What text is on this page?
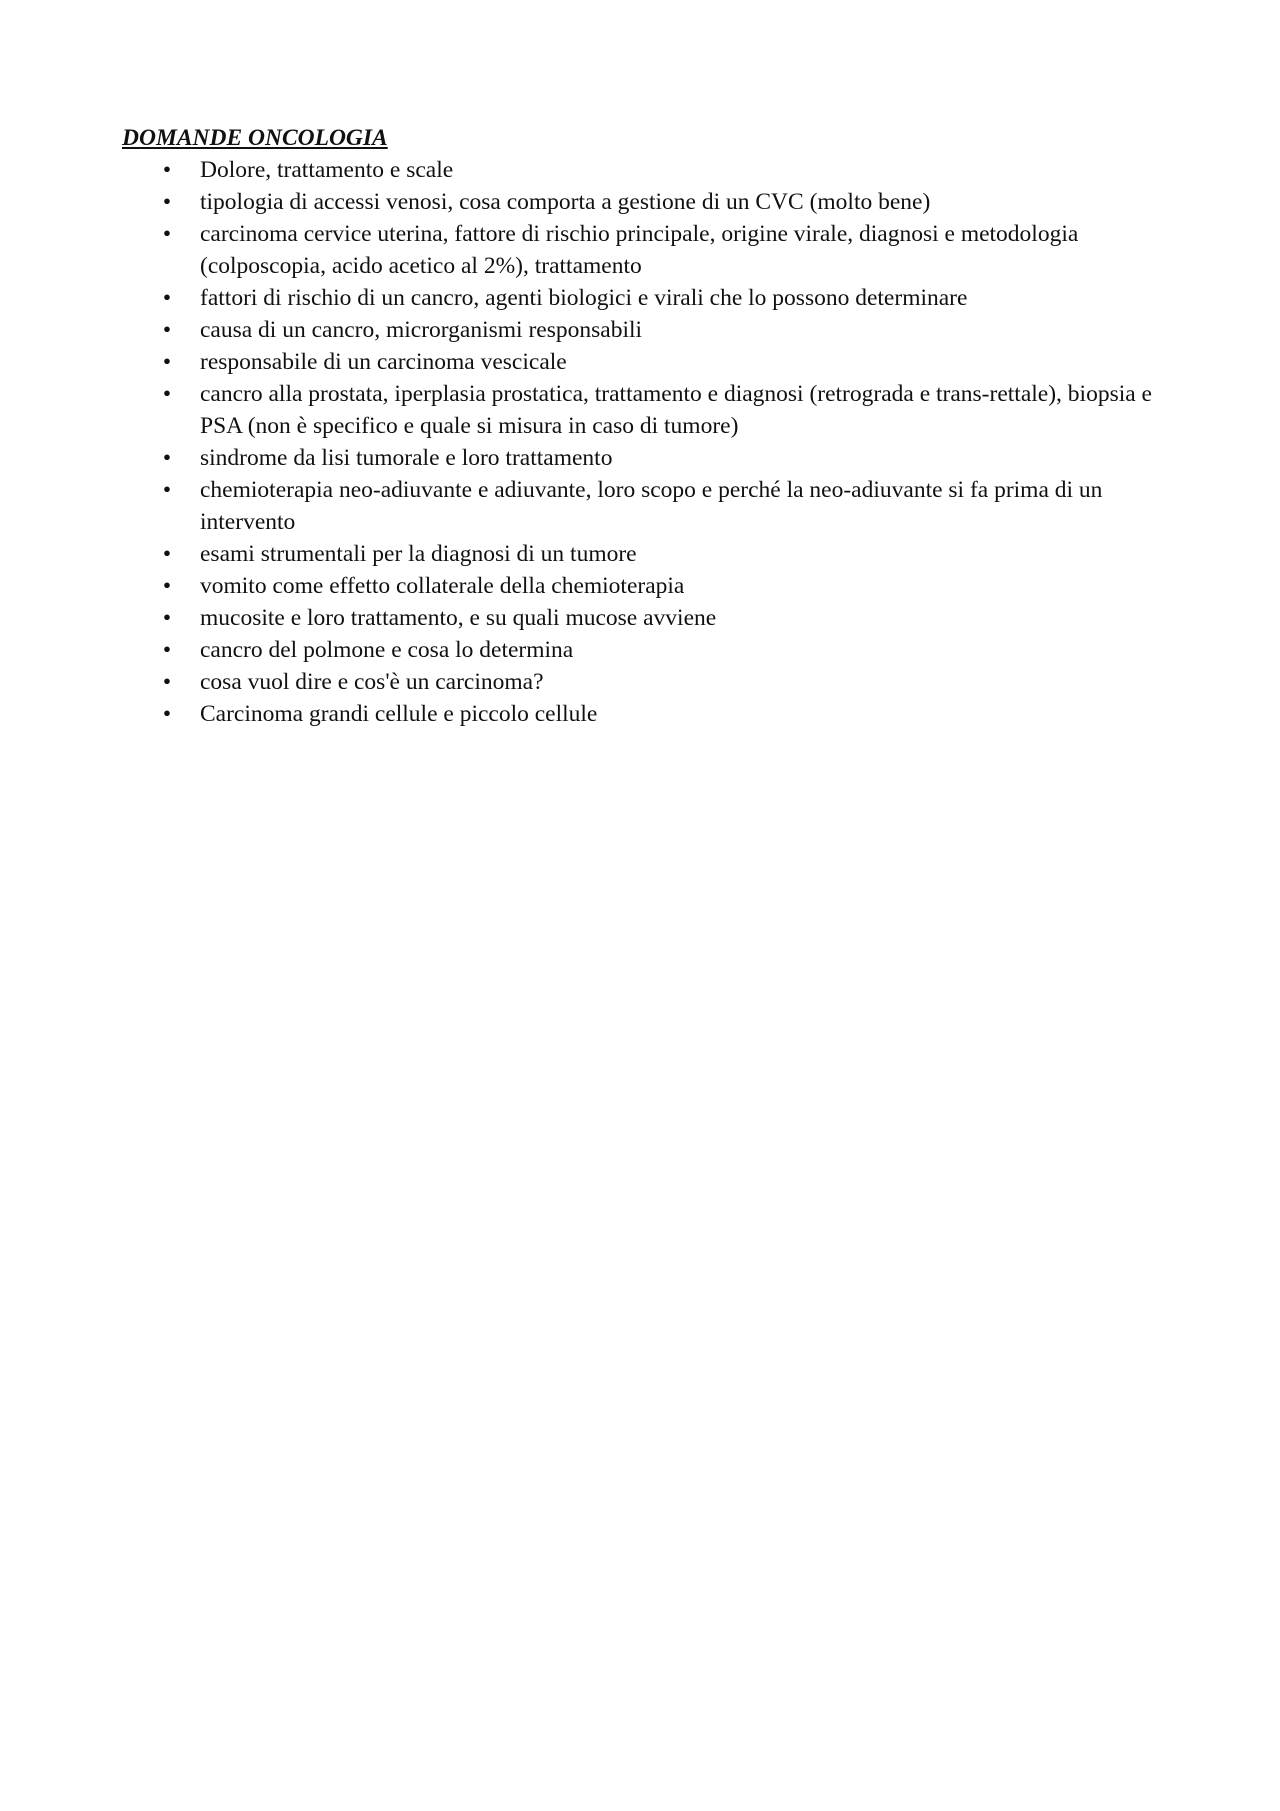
DOMANDE ONCOLOGIA
• Dolore, trattamento e scale
• tipologia di accessi venosi, cosa comporta a gestione di un CVC (molto bene)
• carcinoma cervice uterina, fattore di rischio principale, origine virale, diagnosi e metodologia (colposcopia, acido acetico al 2%), trattamento
• fattori di rischio di un cancro, agenti biologici e virali che lo possono determinare
• causa di un cancro, microrganismi responsabili
• responsabile di un carcinoma vescicale
• cancro alla prostata, iperplasia prostatica, trattamento e diagnosi (retrograda e trans-rettale), biopsia e PSA (non è specifico e quale si misura in caso di tumore)
• sindrome da lisi tumorale e loro trattamento
• chemioterapia neo-adiuvante e adiuvante, loro scopo e perché la neo-adiuvante si fa prima di un intervento
• esami strumentali per la diagnosi di un tumore
• vomito come effetto collaterale della chemioterapia
• mucosite e loro trattamento, e su quali mucose avviene
• cancro del polmone e cosa lo determina
• cosa vuol dire e cos'è un carcinoma?
• Carcinoma grandi cellule e piccolo cellule
